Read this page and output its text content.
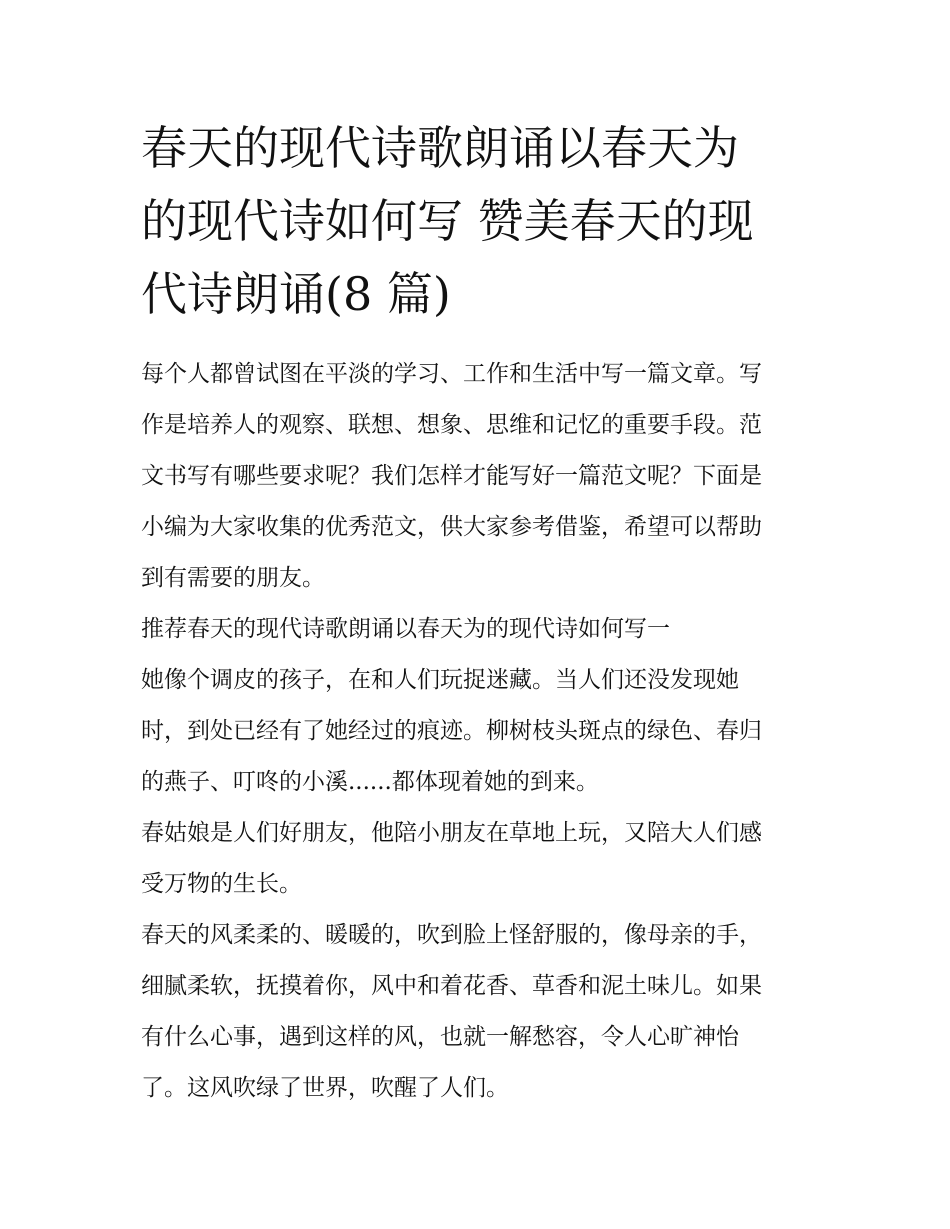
春天的现代诗歌朗诵以春天为
的现代诗如何写 赞美春天的现
代诗朗诵(8 篇)

每个人都曾试图在平淡的学习、工作和生活中写一篇文章。写
作是培养人的观察、联想、想象、思维和记忆的重要手段。范
文书写有哪些要求呢？我们怎样才能写好一篇范文呢？下面是
小编为大家收集的优秀范文，供大家参考借鉴，希望可以帮助
到有需要的朋友。

推荐春天的现代诗歌朗诵以春天为的现代诗如何写一

她像个调皮的孩子，在和人们玩捉迷藏。当人们还没发现她
时，到处已经有了她经过的痕迹。柳树枝头斑点的绿色、春归
的燕子、叮咚的小溪......都体现着她的到来。

春姑娘是人们好朋友，他陪小朋友在草地上玩，又陪大人们感
受万物的生长。

春天的风柔柔的、暖暖的，吹到脸上怪舒服的，像母亲的手，
细腻柔软，抚摸着你，风中和着花香、草香和泥土味儿。如果
有什么心事，遇到这样的风，也就一解愁容，令人心旷神怡
了。这风吹绿了世界，吹醒了人们。
